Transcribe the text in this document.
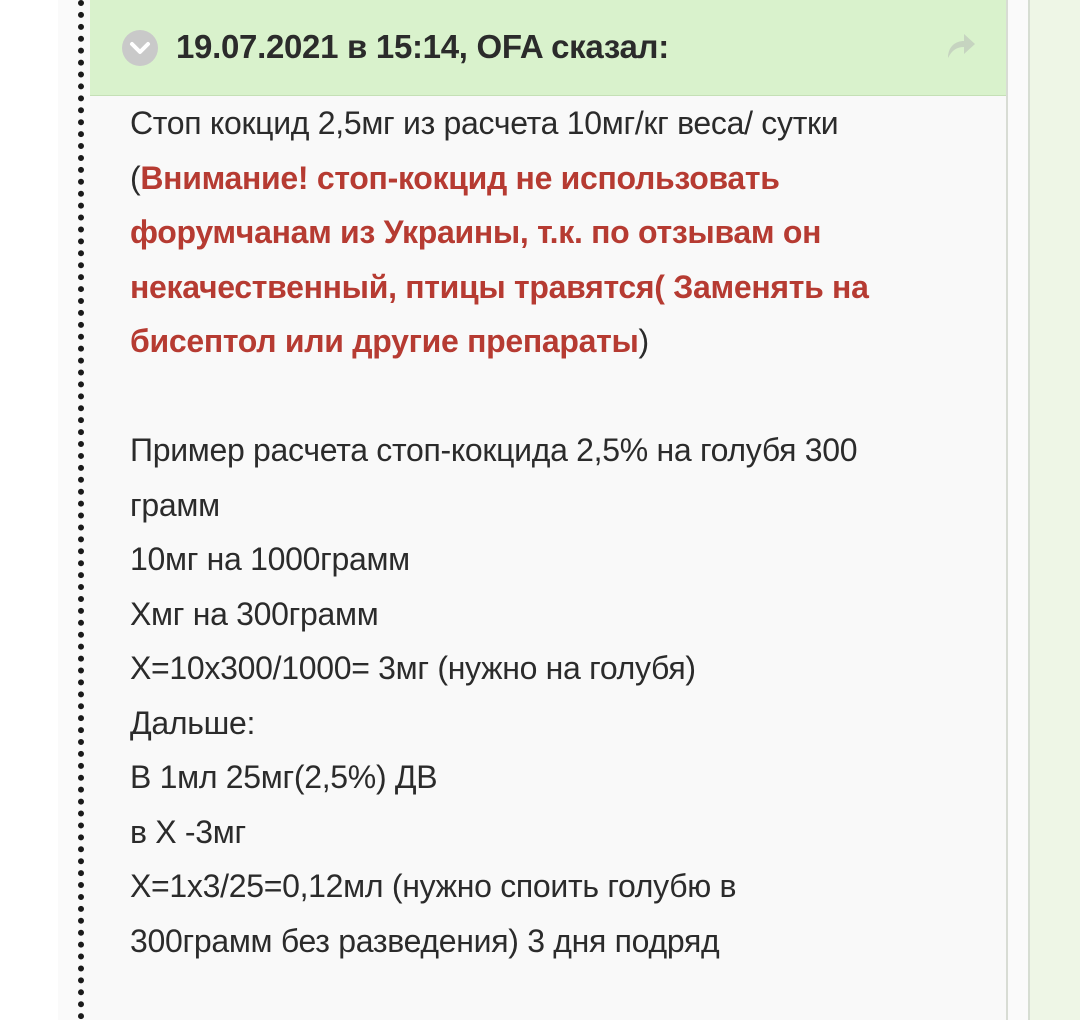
19.07.2021 в 15:14, OFA сказал:
Стоп кокцид 2,5мг из расчета 10мг/кг веса/ сутки
(Внимание! стоп-кокцид не использовать
форумчанам из Украины, т.к. по отзывам он
некачественный, птицы травятся( Заменять на
бисептол или другие препараты)
Пример расчета стоп-кокцида 2,5% на голубя 300
грамм
10мг на 1000грамм
Хмг на 300грамм
Х=10х300/1000= 3мг (нужно на голубя)
Дальше:
В 1мл 25мг(2,5%) ДВ
в Х -3мг
Х=1х3/25=0,12мл (нужно споить голубю в
300грамм без разведения) 3 дня подряд
